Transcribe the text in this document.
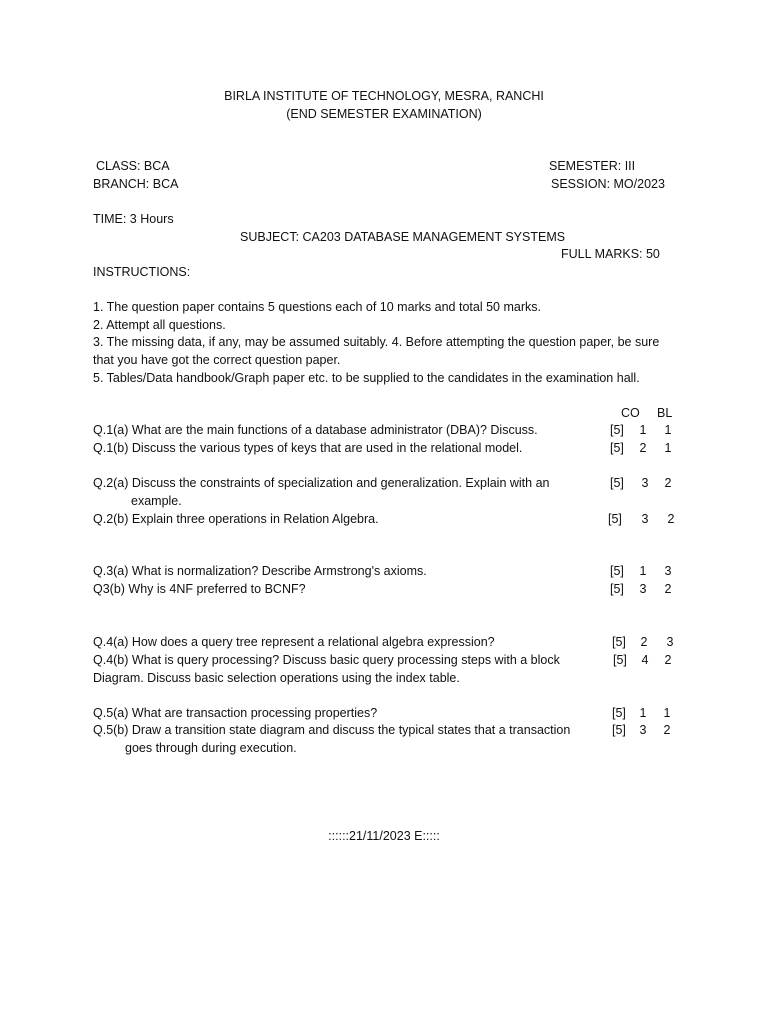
BIRLA INSTITUTE OF TECHNOLOGY, MESRA, RANCHI
(END SEMESTER EXAMINATION)
CLASS: BCA	SEMESTER: III
BRANCH: BCA	SESSION: MO/2023
TIME: 3 Hours
SUBJECT: CA203 DATABASE MANAGEMENT SYSTEMS
FULL MARKS: 50
INSTRUCTIONS:
1. The question paper contains 5 questions each of 10 marks and total 50 marks.
2. Attempt all questions.
3. The missing data, if any, may be assumed suitably. 4. Before attempting the question paper, be sure that you have got the correct question paper.
5. Tables/Data handbook/Graph paper etc. to be supplied to the candidates in the examination hall.
CO BL
Q.1(a) What are the main functions of a database administrator (DBA)? Discuss.	[5] 1 1
Q.1(b) Discuss the various types of keys that are used in the relational model.	[5] 2 1
Q.2(a) Discuss the constraints of specialization and generalization. Explain with an
example.
[5] 3 2
Q.2(b) Explain three operations in Relation Algebra.	[5] 3 2
Q.3(a) What is normalization? Describe Armstrong's axioms.	[5] 1 3
Q3(b) Why is 4NF preferred to BCNF?	[5] 3 2
Q.4(a) How does a query tree represent a relational algebra expression?	[5] 2 3
Q.4(b) What is query processing? Discuss basic query processing steps with a block
Diagram. Discuss basic selection operations using the index table.
[5] 4 2
Q.5(a) What are transaction processing properties?	[5] 1 1
Q.5(b) Draw a transition state diagram and discuss the typical states that a transaction
goes through during execution.
[5] 3 2
::::::21/11/2023 E:::::
